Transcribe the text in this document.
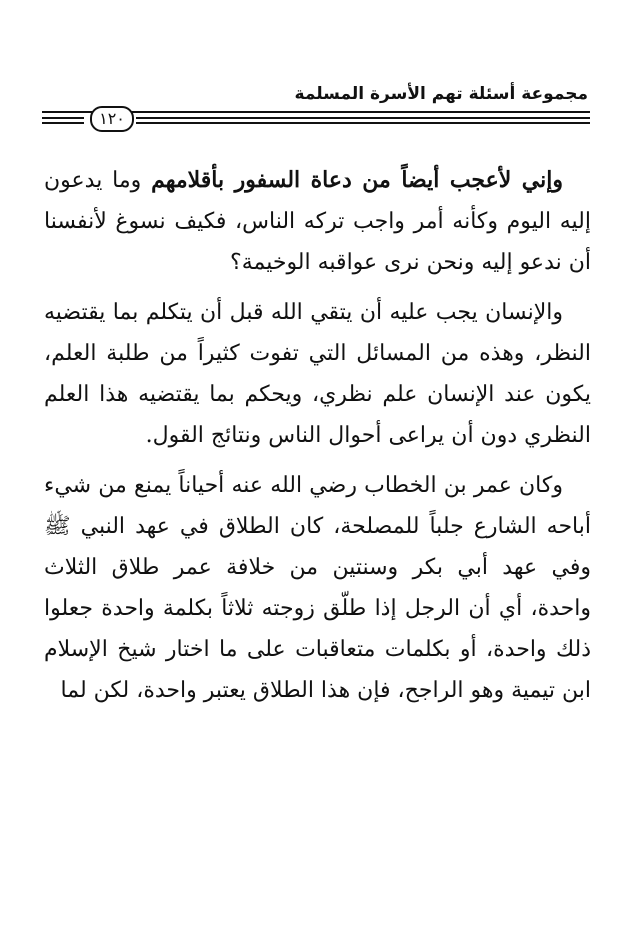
مجموعة أسئلة تهم الأسرة المسلمة
١٢٠

وإني لأعجب أيضاً من دعاة السفور بأقلامهم وما يدعون إليه اليوم وكأنه أمر واجب تركه الناس، فكيف نسوغ لأنفسنا أن ندعو إليه ونحن نرى عواقبه الوخيمة؟

والإنسان يجب عليه أن يتقي الله قبل أن يتكلم بما يقتضيه النظر، وهذه من المسائل التي تفوت كثيراً من طلبة العلم، يكون عند الإنسان علم نظري، ويحكم بما يقتضيه هذا العلم النظري دون أن يراعى أحوال الناس ونتائج القول.

وكان عمر بن الخطاب رضي الله عنه أحياناً يمنع من شيء أباحه الشارع جلباً للمصلحة، كان الطلاق في عهد النبي ﷺ وفي عهد أبي بكر وسنتين من خلافة عمر طلاق الثلاث واحدة، أي أن الرجل إذا طلّق زوجته ثلاثاً بكلمة واحدة جعلوا ذلك واحدة، أو بكلمات متعاقبات على ما اختار شيخ الإسلام ابن تيمية وهو الراجح، فإن هذا الطلاق يعتبر واحدة، لكن لما
